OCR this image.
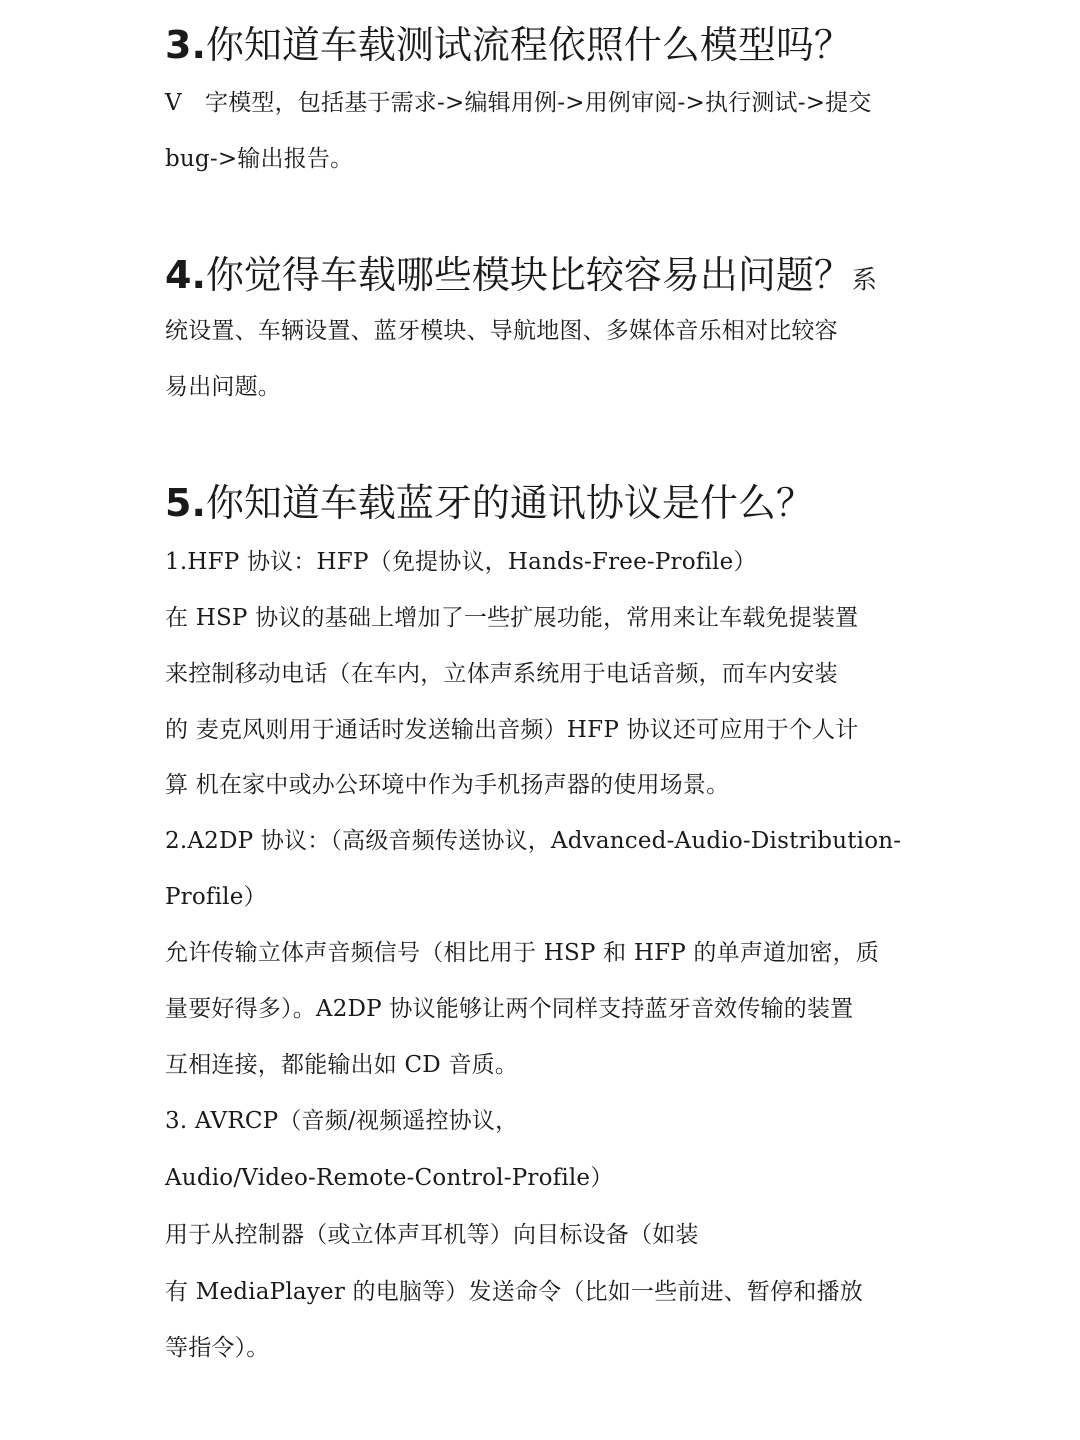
3.你知道车载测试流程依照什么模型吗？

V　字模型，包括基于需求->编辑用例->用例审阅->执行测试->提交

bug->输出报告。

4.你觉得车载哪些模块比较容易出问题？系

统设置、车辆设置、蓝牙模块、导航地图、多媒体音乐相对比较容

易出问题。

5.你知道车载蓝牙的通讯协议是什么？

1.HFP 协议：HFP（免提协议，Hands-Free-Profile）

在 HSP 协议的基础上增加了一些扩展功能，常用来让车载免提装置

来控制移动电话（在车内，立体声系统用于电话音频，而车内安装

的 麦克风则用于通话时发送输出音频）HFP 协议还可应用于个人计

算 机在家中或办公环境中作为手机扬声器的使用场景。

2.A2DP 协议：（高级音频传送协议，Advanced-Audio-Distribution-

Profile）

允许传输立体声音频信号（相比用于 HSP 和 HFP 的单声道加密，质

量要好得多）。A2DP 协议能够让两个同样支持蓝牙音效传输的装置

互相连接，都能输出如 CD 音质。

3. AVRCP（音频/视频遥控协议，

Audio/Video-Remote-Control-Profile）

用于从控制器（或立体声耳机等）向目标设备（如装

有 MediaPlayer 的电脑等）发送命令（比如一些前进、暂停和播放

等指令）。
